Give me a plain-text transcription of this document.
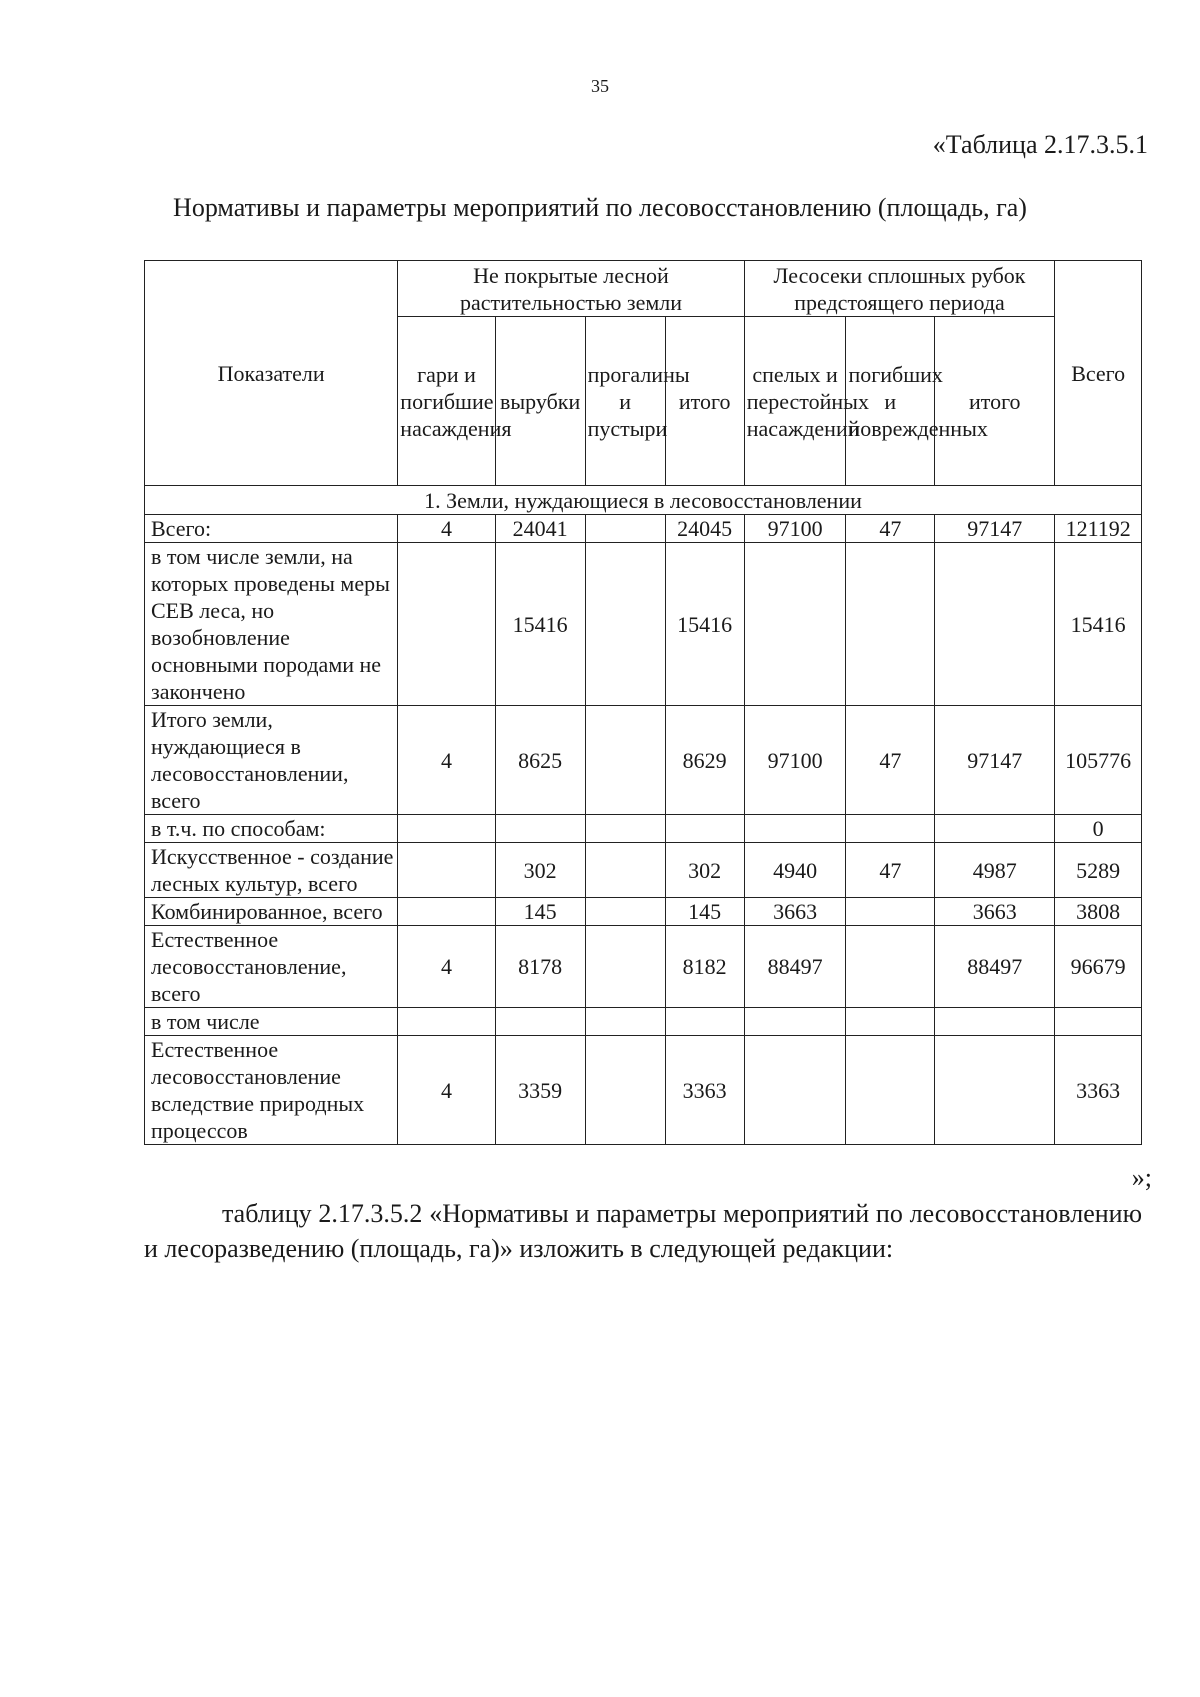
35
«Таблица 2.17.3.5.1
Нормативы и параметры мероприятий по лесовосстановлению (площадь, га)
Показатели	Не покрытые лесной растительностью земли				Лесосеки сплошных рубок предстоящего периода			Всего
	гари и погибшие насаждения	вырубки	прогалины и пустыри	итого	спелых и перестойных насаждений	погибших и поврежденных	итого	
1. Земли, нуждающиеся в лесовосстановлении								
Всего:	4	24041		24045	97100	47	97147	121192
в том числе земли, на которых проведены меры СЕВ леса, но возобновление основными породами не закончено		15416		15416				15416
Итого земли, нуждающиеся в лесовосстановлении, всего	4	8625		8629	97100	47	97147	105776
в т.ч. по способам:								0
Искусственное - создание лесных культур, всего		302		302	4940	47	4987	5289
Комбинированное, всего		145		145	3663		3663	3808
Естественное лесовосстановление, всего	4	8178		8182	88497		88497	96679
в том числе								
Естественное лесовосстановление вследствие природных процессов	4	3359		3363				3363
»;
таблицу 2.17.3.5.2 «Нормативы и параметры мероприятий по лесовосстановлению и лесоразведению (площадь, га)» изложить в следующей редакции:
